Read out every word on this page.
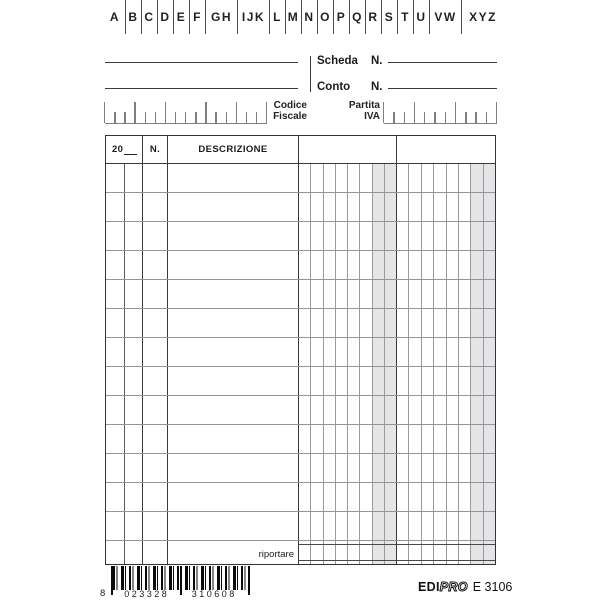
A B C D E F GH IJK L M N O P Q R S T U VW	XYZ
Scheda N.
Conto N.
Codice
Fiscale
Partita
IVA
20	N.	DESCRIZIONE
riportare
8	023328	310608	EDIPRO E 3106
